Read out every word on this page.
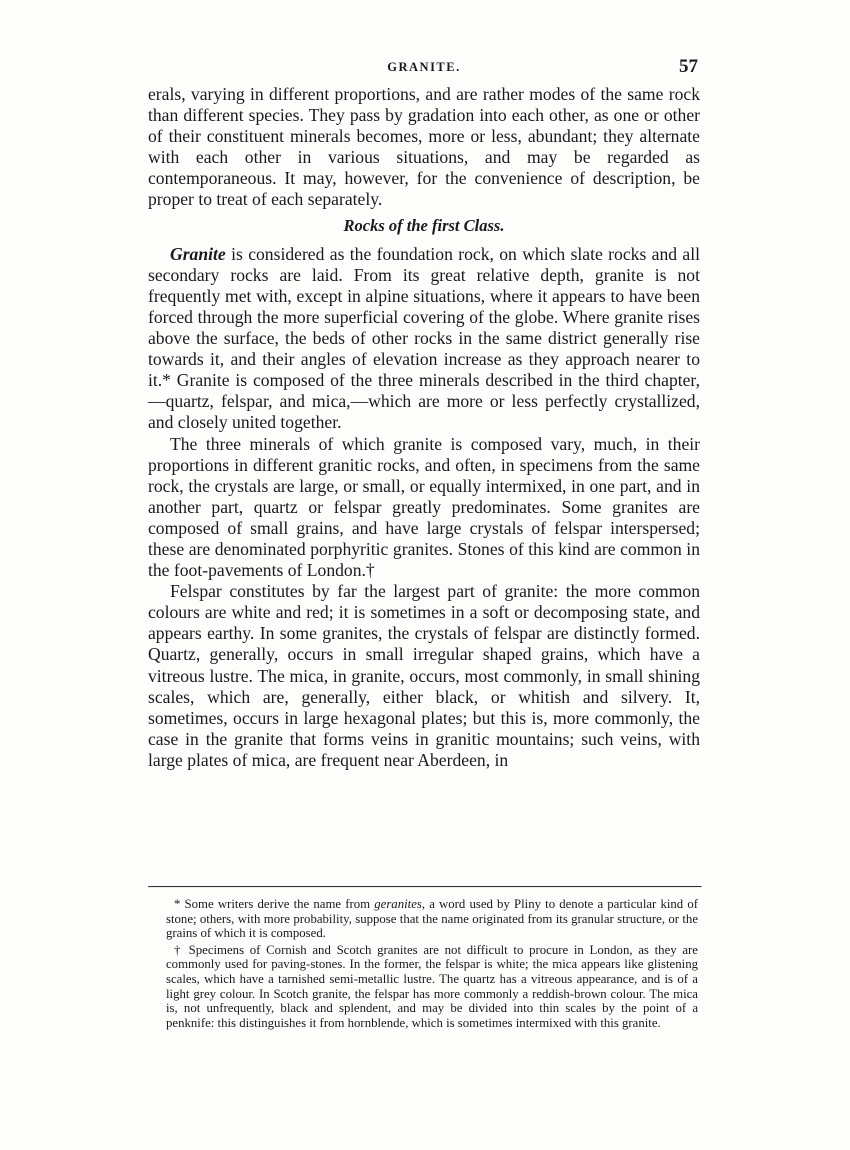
GRANITE.	57

erals, varying in different proportions, and are rather modes of the same rock than different species. They pass by gradation into each other, as one or other of their constituent minerals becomes, more or less, abundant; they alternate with each other in various situations, and may be regarded as contemporaneous. It may, however, for the convenience of description, be proper to treat of each separately.

Rocks of the first Class.

Granite is considered as the foundation rock, on which slate rocks and all secondary rocks are laid. From its great relative depth, granite is not frequently met with, except in alpine situations, where it appears to have been forced through the more superficial covering of the globe. Where granite rises above the surface, the beds of other rocks in the same district generally rise towards it, and their angles of elevation increase as they approach nearer to it.* Granite is composed of the three minerals described in the third chapter,—quartz, felspar, and mica,—which are more or less perfectly crystallized, and closely united together.

The three minerals of which granite is composed vary, much, in their proportions in different granitic rocks, and often, in specimens from the same rock, the crystals are large, or small, or equally intermixed, in one part, and in another part, quartz or felspar greatly predominates. Some granites are composed of small grains, and have large crystals of felspar interspersed; these are denominated porphyritic granites. Stones of this kind are common in the foot-pavements of London.†

Felspar constitutes by far the largest part of granite: the more common colours are white and red; it is sometimes in a soft or decomposing state, and appears earthy. In some granites, the crystals of felspar are distinctly formed. Quartz, generally, occurs in small irregular shaped grains, which have a vitreous lustre. The mica, in granite, occurs, most commonly, in small shining scales, which are, generally, either black, or whitish and silvery. It, sometimes, occurs in large hexagonal plates; but this is, more commonly, the case in the granite that forms veins in granitic mountains; such veins, with large plates of mica, are frequent near Aberdeen, in

* Some writers derive the name from geranites, a word used by Pliny to denote a particular kind of stone; others, with more probability, suppose that the name originated from its granular structure, or the grains of which it is composed.

† Specimens of Cornish and Scotch granites are not difficult to procure in London, as they are commonly used for paving-stones. In the former, the felspar is white; the mica appears like glistening scales, which have a tarnished semi-metallic lustre. The quartz has a vitreous appearance, and is of a light grey colour. In Scotch granite, the felspar has more commonly a reddish-brown colour. The mica is, not unfrequently, black and splendent, and may be divided into thin scales by the point of a penknife: this distinguishes it from hornblende, which is sometimes intermixed with this granite.
